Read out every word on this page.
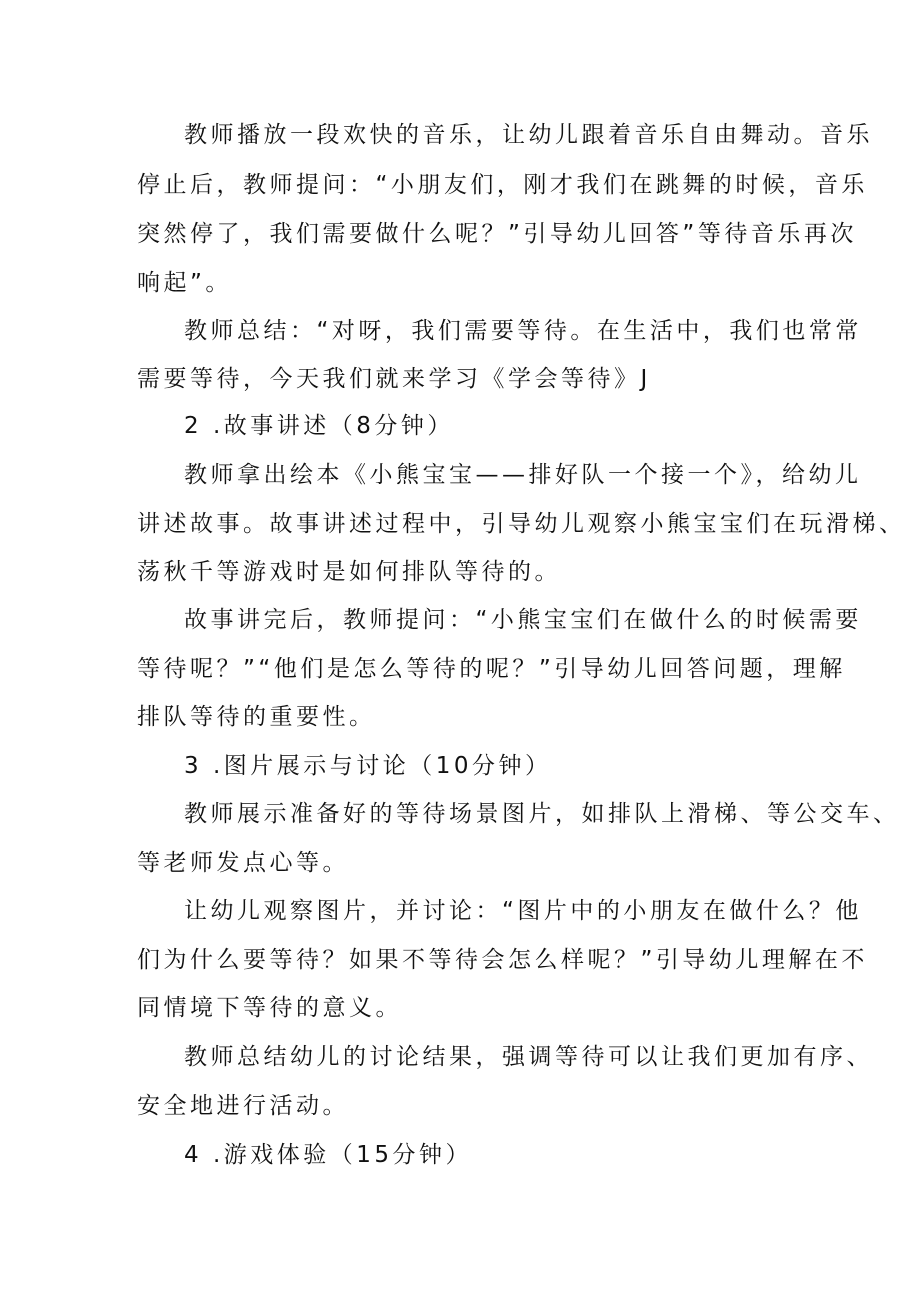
教师播放一段欢快的音乐，让幼儿跟着音乐自由舞动。音乐
停止后，教师提问：“小朋友们，刚才我们在跳舞的时候，音乐
突然停了，我们需要做什么呢？”引导幼儿回答”等待音乐再次
响起”。
教师总结：“对呀，我们需要等待。在生活中，我们也常常
需要等待，今天我们就来学习《学会等待》J
2 .故事讲述（8分钟）
教师拿出绘本《小熊宝宝——排好队一个接一个》，给幼儿
讲述故事。故事讲述过程中，引导幼儿观察小熊宝宝们在玩滑梯、
荡秋千等游戏时是如何排队等待的。
故事讲完后，教师提问：“小熊宝宝们在做什么的时候需要
等待呢？”“他们是怎么等待的呢？”引导幼儿回答问题，理解
排队等待的重要性。
3 .图片展示与讨论（10分钟）
教师展示准备好的等待场景图片，如排队上滑梯、等公交车、
等老师发点心等。
让幼儿观察图片，并讨论：“图片中的小朋友在做什么？他
们为什么要等待？如果不等待会怎么样呢？”引导幼儿理解在不
同情境下等待的意义。
教师总结幼儿的讨论结果，强调等待可以让我们更加有序、
安全地进行活动。
4 .游戏体验（15分钟）
